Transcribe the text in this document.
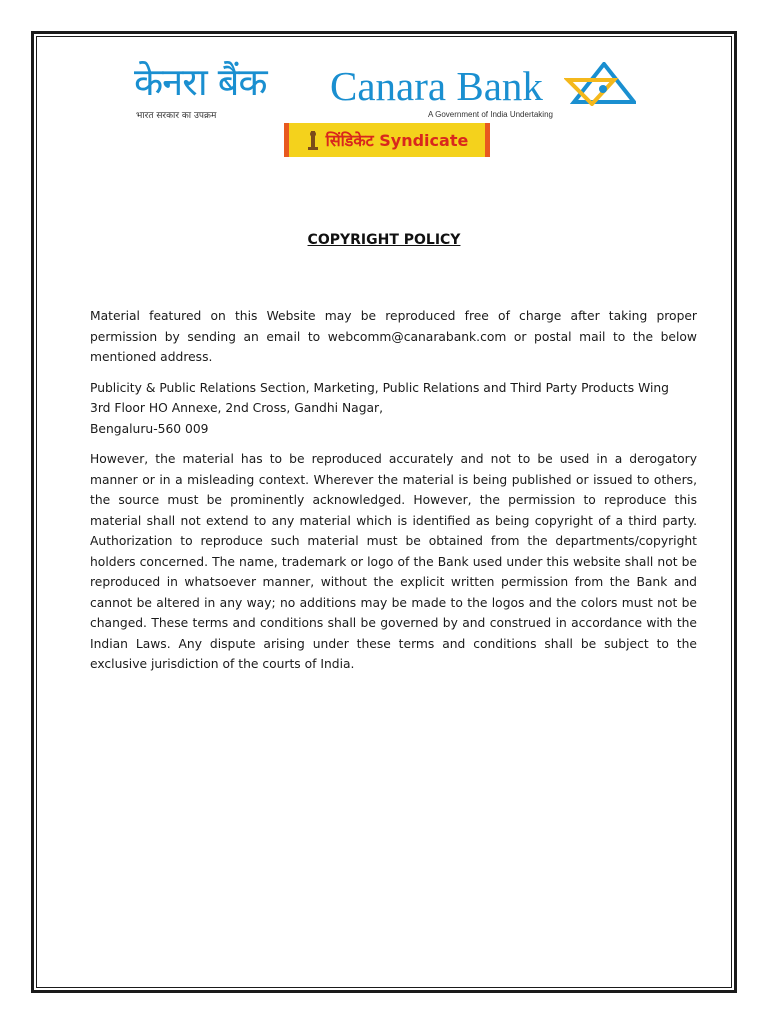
केनरा बैंक
भारत सरकार का उपक्रम
Canara Bank
A Government of India Undertaking
सिंडिकेट Syndicate
COPYRIGHT POLICY

Material featured on this Website may be reproduced free of charge after taking proper permission by sending an email to webcomm@canarabank.com or postal mail to the below mentioned address.

Publicity & Public Relations Section, Marketing, Public Relations and Third Party Products Wing
3rd Floor HO Annexe, 2nd Cross, Gandhi Nagar,
Bengaluru-560 009

However, the material has to be reproduced accurately and not to be used in a derogatory manner or in a misleading context. Wherever the material is being published or issued to others, the source must be prominently acknowledged. However, the permission to reproduce this material shall not extend to any material which is identified as being copyright of a third party. Authorization to reproduce such material must be obtained from the departments/copyright holders concerned. The name, trademark or logo of the Bank used under this website shall not be reproduced in whatsoever manner, without the explicit written permission from the Bank and cannot be altered in any way; no additions may be made to the logos and the colors must not be changed. These terms and conditions shall be governed by and construed in accordance with the Indian Laws. Any dispute arising under these terms and conditions shall be subject to the exclusive jurisdiction of the courts of India.
